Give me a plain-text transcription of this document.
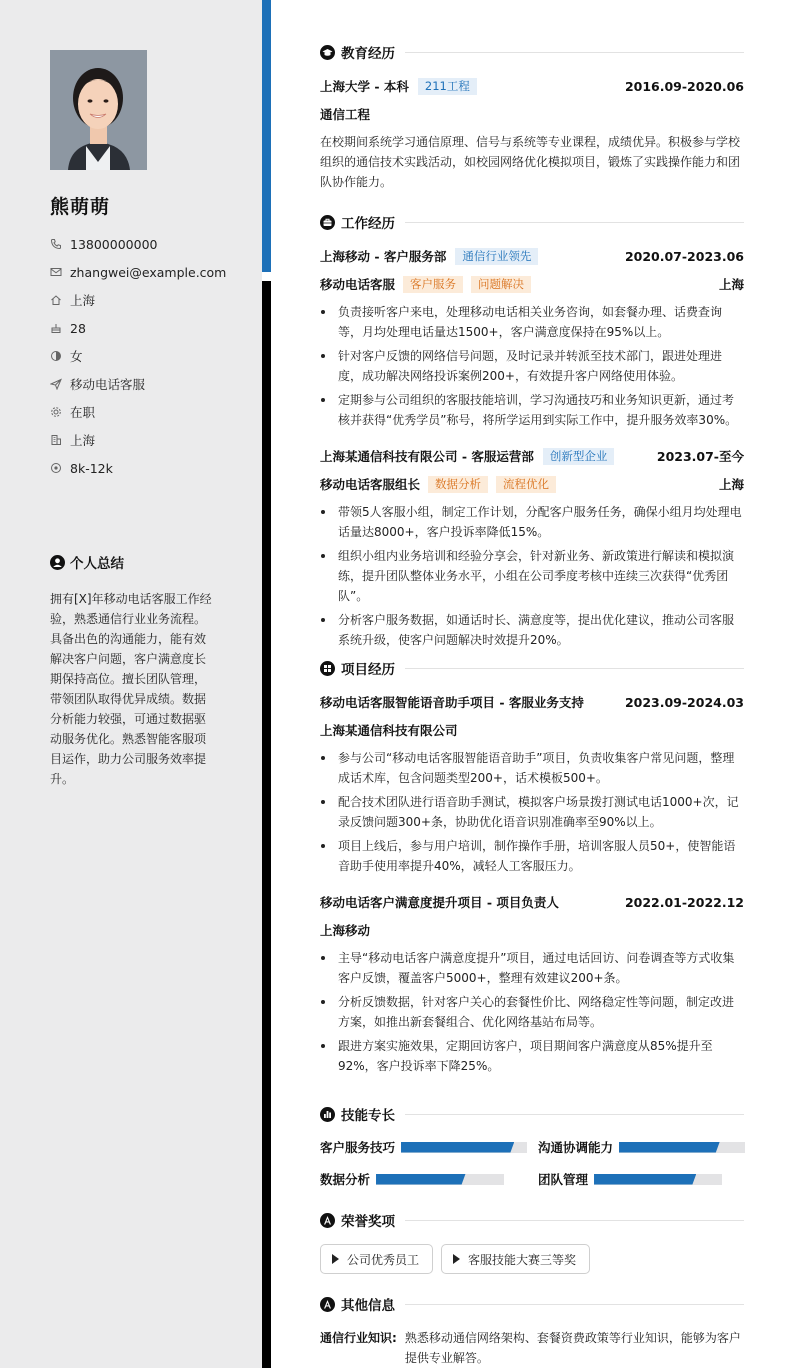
熊萌萌
13800000000
zhangwei@example.com
上海
28
女
移动电话客服
在职
上海
8k-12k
个人总结
拥有[X]年移动电话客服工作经验，熟悉通信行业业务流程。具备出色的沟通能力，能有效解决客户问题，客户满意度长期保持高位。擅长团队管理，带领团队取得优异成绩。数据分析能力较强，可通过数据驱动服务优化。熟悉智能客服项目运作，助力公司服务效率提升。
教育经历
上海大学 - 本科	211工程	2016.09-2020.06
通信工程
在校期间系统学习通信原理、信号与系统等专业课程，成绩优异。积极参与学校组织的通信技术实践活动，如校园网络优化模拟项目，锻炼了实践操作能力和团队协作能力。
工作经历
上海移动 - 客户服务部	通信行业领先	2020.07-2023.06
移动电话客服	客户服务	问题解决	上海
负责接听客户来电，处理移动电话相关业务咨询，如套餐办理、话费查询等，月均处理电话量达1500+，客户满意度保持在95%以上。
针对客户反馈的网络信号问题，及时记录并转派至技术部门，跟进处理进度，成功解决网络投诉案例200+，有效提升客户网络使用体验。
定期参与公司组织的客服技能培训，学习沟通技巧和业务知识更新，通过考核并获得“优秀学员”称号，将所学运用到实际工作中，提升服务效率30%。
上海某通信科技有限公司 - 客服运营部	创新型企业	2023.07-至今
移动电话客服组长	数据分析	流程优化	上海
带领5人客服小组，制定工作计划，分配客户服务任务，确保小组月均处理电话量达8000+，客户投诉率降低15%。
组织小组内业务培训和经验分享会，针对新业务、新政策进行解读和模拟演练，提升团队整体业务水平，小组在公司季度考核中连续三次获得“优秀团队”。
分析客户服务数据，如通话时长、满意度等，提出优化建议，推动公司客服系统升级，使客户问题解决时效提升20%。
项目经历
移动电话客服智能语音助手项目 - 客服业务支持	2023.09-2024.03
上海某通信科技有限公司
参与公司“移动电话客服智能语音助手”项目，负责收集客户常见问题，整理成话术库，包含问题类型200+，话术模板500+。
配合技术团队进行语音助手测试，模拟客户场景拨打测试电话1000+次，记录反馈问题300+条，协助优化语音识别准确率至90%以上。
项目上线后，参与用户培训，制作操作手册，培训客服人员50+，使智能语音助手使用率提升40%，减轻人工客服压力。
移动电话客户满意度提升项目 - 项目负责人	2022.01-2022.12
上海移动
主导“移动电话客户满意度提升”项目，通过电话回访、问卷调查等方式收集客户反馈，覆盖客户5000+，整理有效建议200+条。
分析反馈数据，针对客户关心的套餐性价比、网络稳定性等问题，制定改进方案，如推出新套餐组合、优化网络基站布局等。
跟进方案实施效果，定期回访客户，项目期间客户满意度从85%提升至92%，客户投诉率下降25%。
技能专长
客户服务技巧	沟通协调能力
数据分析	团队管理
荣誉奖项
公司优秀员工	客服技能大赛三等奖
其他信息
通信行业知识: 熟悉移动通信网络架构、套餐资费政策等行业知识，能够为客户提供专业解答。
